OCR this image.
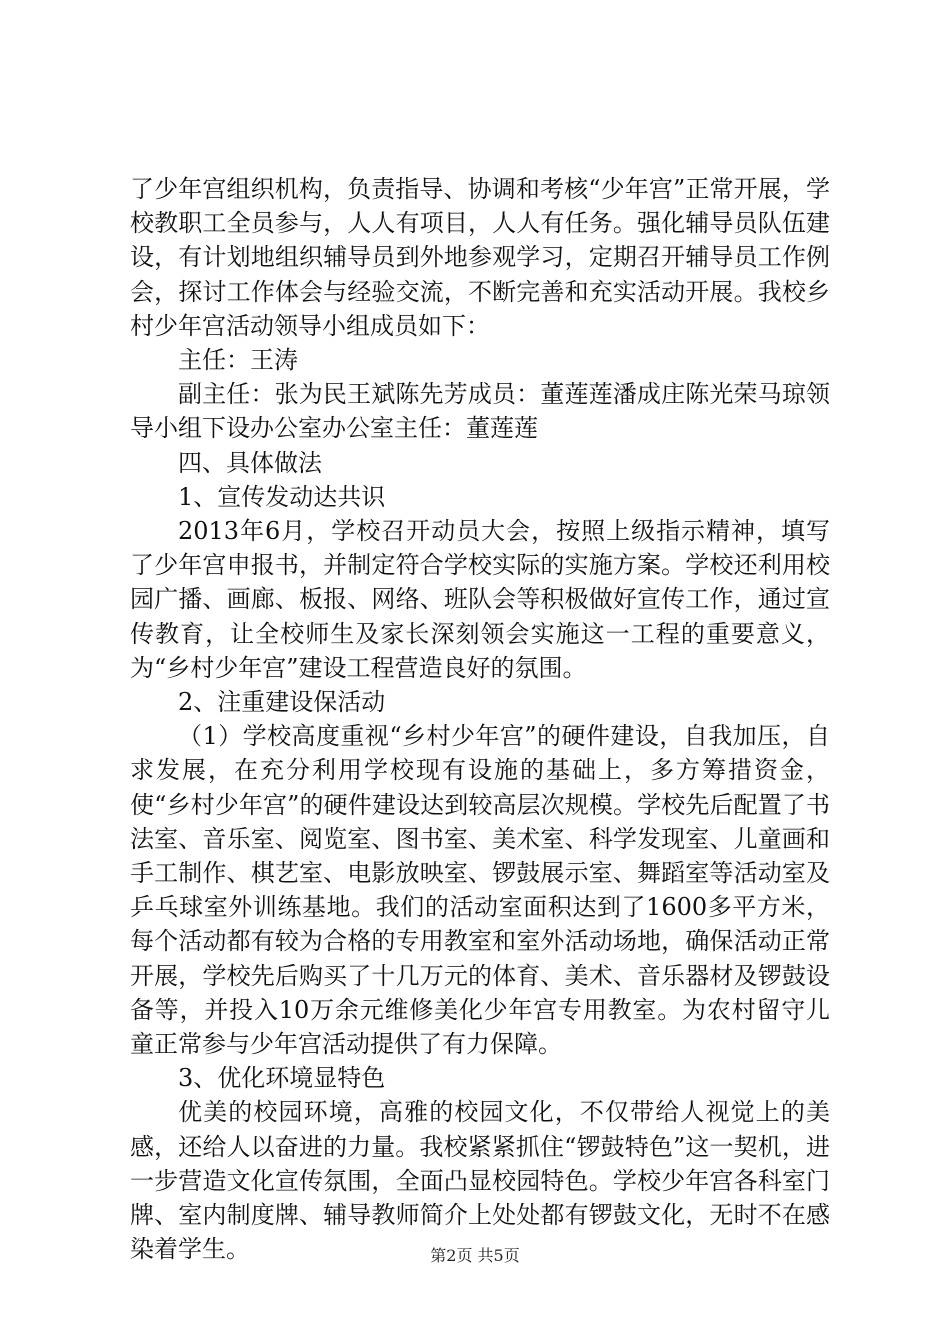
了少年宫组织机构，负责指导、协调和考核“少年宫”正常开展，学校教职工全员参与，人人有项目，人人有任务。强化辅导员队伍建设，有计划地组织辅导员到外地参观学习，定期召开辅导员工作例会，探讨工作体会与经验交流，不断完善和充实活动开展。我校乡村少年宫活动领导小组成员如下：

主任：王涛

副主任：张为民王斌陈先芳成员：董莲莲潘成庄陈光荣马琼领导小组下设办公室办公室主任：董莲莲

四、具体做法

1、宣传发动达共识

2013年6月，学校召开动员大会，按照上级指示精神，填写了少年宫申报书，并制定符合学校实际的实施方案。学校还利用校园广播、画廊、板报、网络、班队会等积极做好宣传工作，通过宣传教育，让全校师生及家长深刻领会实施这一工程的重要意义，为“乡村少年宫”建设工程营造良好的氛围。

2、注重建设保活动

（1）学校高度重视“乡村少年宫”的硬件建设，自我加压，自求发展，在充分利用学校现有设施的基础上，多方筹措资金，使“乡村少年宫”的硬件建设达到较高层次规模。学校先后配置了书法室、音乐室、阅览室、图书室、美术室、科学发现室、儿童画和手工制作、棋艺室、电影放映室、锣鼓展示室、舞蹈室等活动室及乒乓球室外训练基地。我们的活动室面积达到了1600多平方米，每个活动都有较为合格的专用教室和室外活动场地，确保活动正常开展，学校先后购买了十几万元的体育、美术、音乐器材及锣鼓设备等，并投入10万余元维修美化少年宫专用教室。为农村留守儿童正常参与少年宫活动提供了有力保障。

3、优化环境显特色

优美的校园环境，高雅的校园文化，不仅带给人视觉上的美感，还给人以奋进的力量。我校紧紧抓住“锣鼓特色”这一契机，进一步营造文化宣传氛围，全面凸显校园特色。学校少年宫各科室门牌、室内制度牌、辅导教师简介上处处都有锣鼓文化，无时不在感染着学生。	第2页 共5页
